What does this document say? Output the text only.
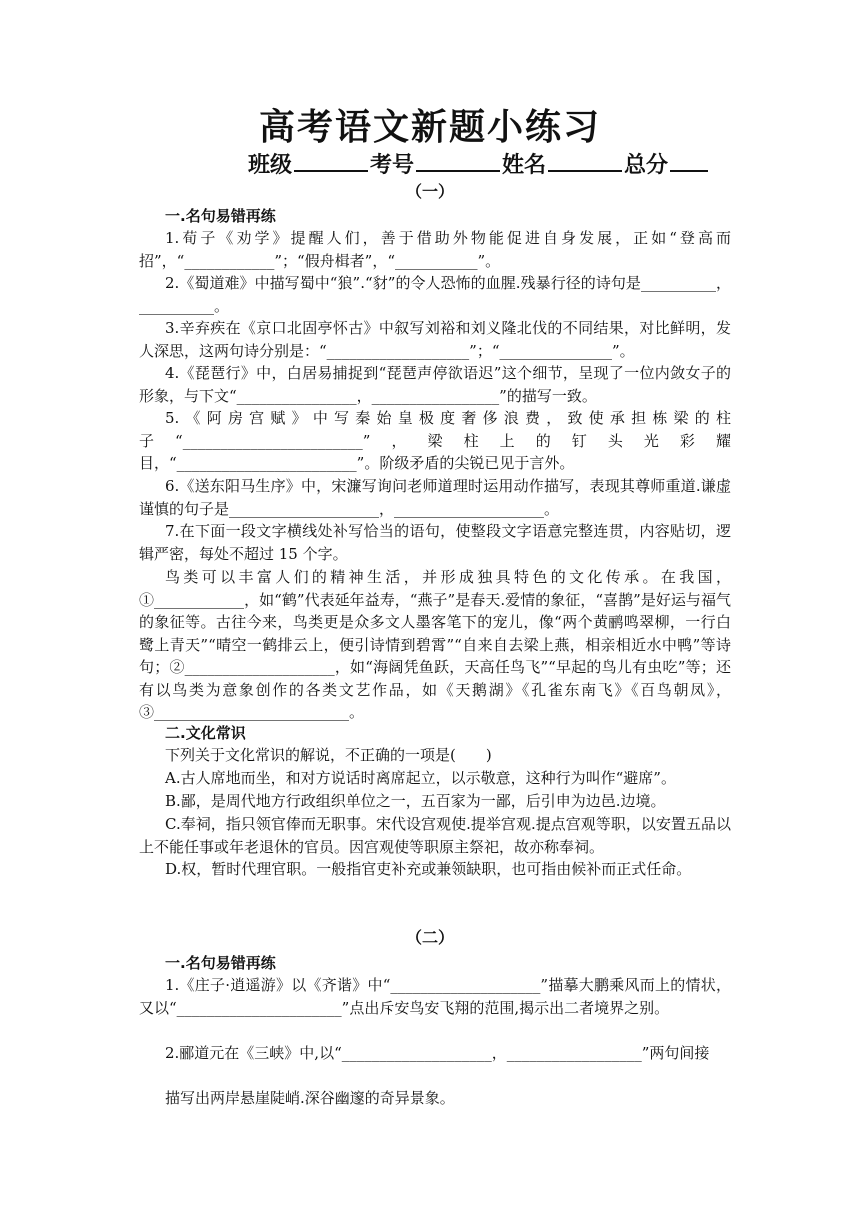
高考语文新题小练习
班级	考号	姓名	总分
（一）
一.名句易错再练

1.荀子《劝学》提醒人们，善于借助外物能促进自身发展，正如“登高而招”，“____________”；“假舟楫者”，“___________”。

2.《蜀道难》中描写蜀中“狼”.“豺”的令人恐怖的血腥.残暴行径的诗句是__________，__________。

3.辛弃疾在《京口北固亭怀古》中叙写刘裕和刘义隆北伐的不同结果，对比鲜明，发人深思，这两句诗分别是：“___________________”；“_______________”。

4.《琵琶行》中，白居易捕捉到“琵琶声停欲语迟”这个细节，呈现了一位内敛女子的形象，与下文“________________，_________________”的描写一致。

5.《阿房宫赋》中写秦始皇极度奢侈浪费，致使承担栋梁的柱子“________________________”，梁柱上的钉头光彩耀目，“________________________”。阶级矛盾的尖锐已见于言外。

6.《送东阳马生序》中，宋濂写询问老师道理时运用动作描写，表现其尊师重道.谦虚谨慎的句子是____________________，____________________。

7.在下面一段文字横线处补写恰当的语句，使整段文字语意完整连贯，内容贴切，逻辑严密，每处不超过 15 个字。

鸟类可以丰富人们的精神生活，并形成独具特色的文化传承。在我国，①____________，如“鹤”代表延年益寿，“燕子”是春天.爱情的象征，“喜鹊”是好运与福气的象征等。古往今来，鸟类更是众多文人墨客笔下的宠儿，像“两个黄鹂鸣翠柳，一行白鹭上青天”“晴空一鹤排云上，便引诗情到碧霄”“自来自去梁上燕，相亲相近水中鸭”等诗句；②____________________，如“海阔凭鱼跃，天高任鸟飞”“早起的鸟儿有虫吃”等；还有以鸟类为意象创作的各类文艺作品，如《天鹅湖》《孔雀东南飞》《百鸟朝凤》，③__________________________。

二.文化常识

下列关于文化常识的解说，不正确的一项是(　　)

A.古人席地而坐，和对方说话时离席起立，以示敬意，这种行为叫作“避席”。

B.鄙，是周代地方行政组织单位之一，五百家为一鄙，后引申为边邑.边境。

C.奉祠，指只领官俸而无职事。宋代设宫观使.提举宫观.提点宫观等职，以安置五品以上不能任事或年老退休的官员。因宫观使等职原主祭祀，故亦称奉祠。

D.权，暂时代理官职。一般指官吏补充或兼领缺职，也可指由候补而正式任命。

（二）
一.名句易错再练

1.《庄子·逍遥游》以《齐谐》中“____________________”描摹大鹏乘风而上的情状，又以“______________________”点出斥安鸟安飞翔的范围,揭示出二者境界之别。

2.郦道元在《三峡》中,以“____________________，__________________”两句间接

描写出两岸悬崖陡峭.深谷幽邃的奇异景象。
